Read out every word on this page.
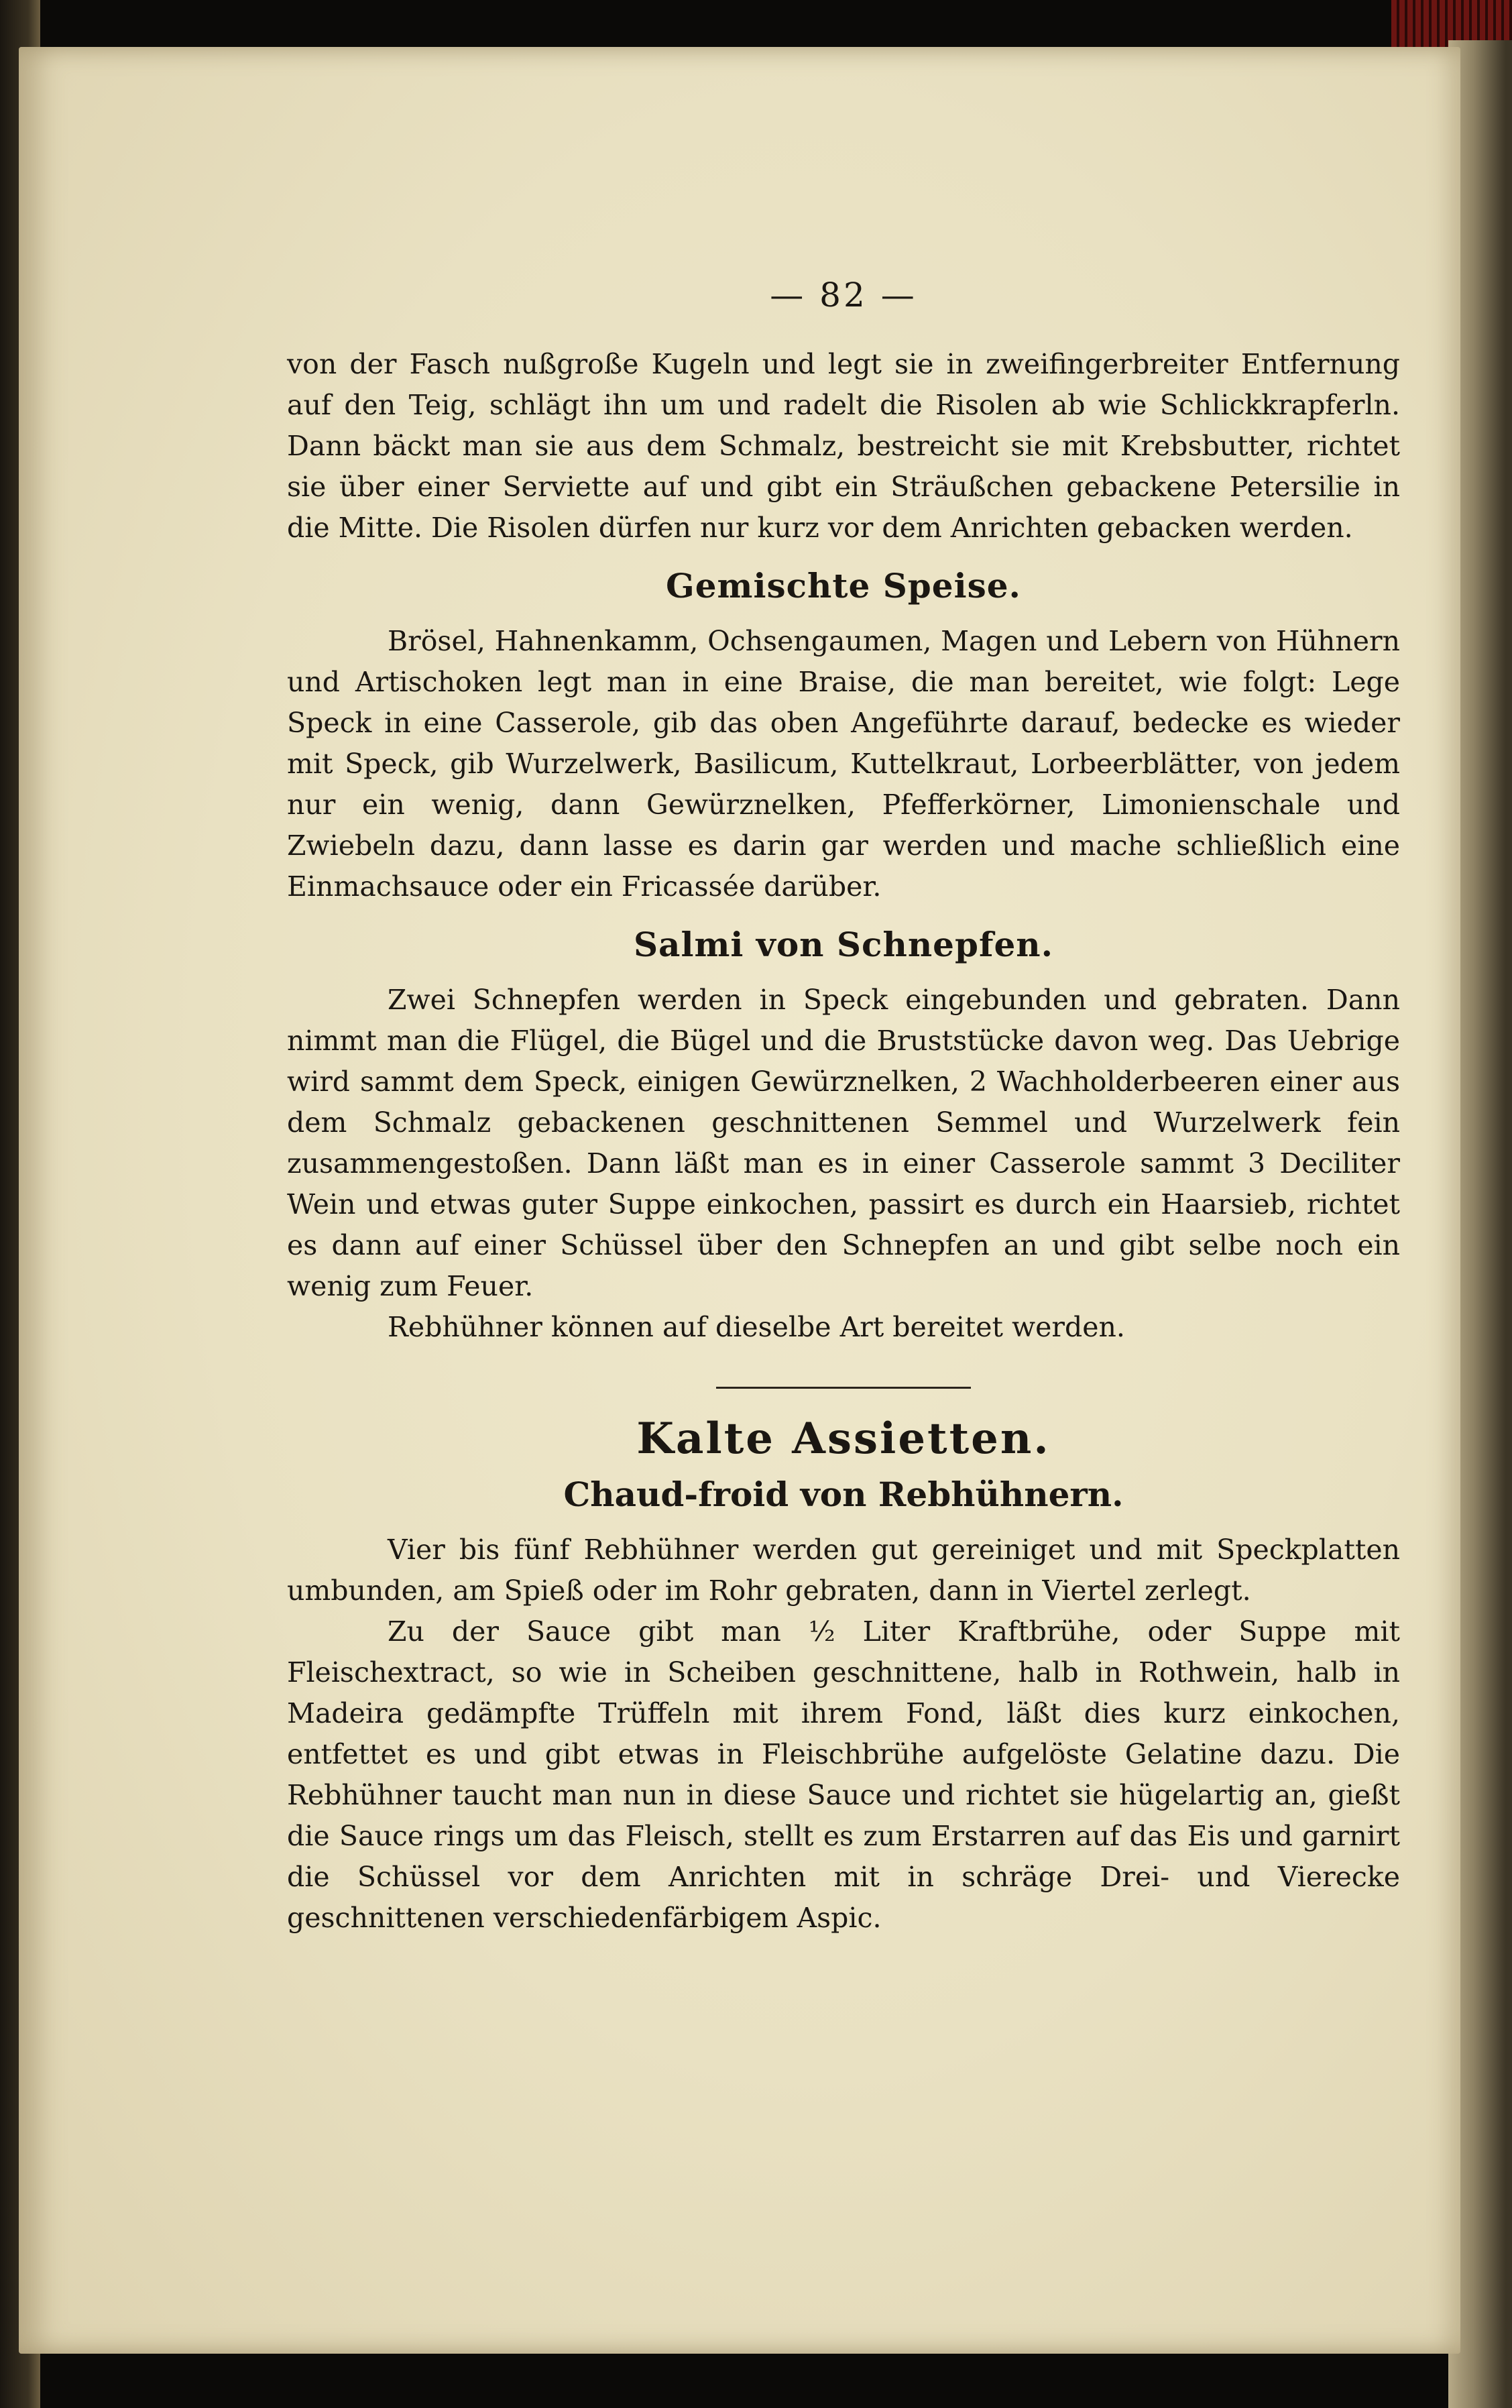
— 82 —

von der Fasch nußgroße Kugeln und legt sie in zweifingerbreiter Entfernung auf den Teig, schlägt ihn um und radelt die Risolen ab wie Schlickkrapferln. Dann bäckt man sie aus dem Schmalz, bestreicht sie mit Krebsbutter, richtet sie über einer Serviette auf und gibt ein Sträußchen gebackene Petersilie in die Mitte. Die Risolen dürfen nur kurz vor dem Anrichten gebacken werden.

Gemischte Speise.

Brösel, Hahnenkamm, Ochsengaumen, Magen und Lebern von Hühnern und Artischoken legt man in eine Braise, die man bereitet, wie folgt: Lege Speck in eine Casserole, gib das oben Angeführte darauf, bedecke es wieder mit Speck, gib Wurzelwerk, Basilicum, Kuttelkraut, Lorbeerblätter, von jedem nur ein wenig, dann Gewürznelken, Pfefferkörner, Limonienschale und Zwiebeln dazu, dann lasse es darin gar werden und mache schließlich eine Einmachsauce oder ein Fricassée darüber.

Salmi von Schnepfen.

Zwei Schnepfen werden in Speck eingebunden und gebraten. Dann nimmt man die Flügel, die Bügel und die Bruststücke davon weg. Das Uebrige wird sammt dem Speck, einigen Gewürznelken, 2 Wachholderbeeren einer aus dem Schmalz gebackenen geschnittenen Semmel und Wurzelwerk fein zusammengestoßen. Dann läßt man es in einer Casserole sammt 3 Deciliter Wein und etwas guter Suppe einkochen, passirt es durch ein Haarsieb, richtet es dann auf einer Schüssel über den Schnepfen an und gibt selbe noch ein wenig zum Feuer.

Rebhühner können auf dieselbe Art bereitet werden.

Kalte Assietten.
Chaud-froid von Rebhühnern.

Vier bis fünf Rebhühner werden gut gereiniget und mit Speckplatten umbunden, am Spieß oder im Rohr gebraten, dann in Viertel zerlegt.

Zu der Sauce gibt man ½ Liter Kraftbrühe, oder Suppe mit Fleischextract, so wie in Scheiben geschnittene, halb in Rothwein, halb in Madeira gedämpfte Trüffeln mit ihrem Fond, läßt dies kurz einkochen, entfettet es und gibt etwas in Fleischbrühe aufgelöste Gelatine dazu. Die Rebhühner taucht man nun in diese Sauce und richtet sie hügelartig an, gießt die Sauce rings um das Fleisch, stellt es zum Erstarren auf das Eis und garnirt die Schüssel vor dem Anrichten mit in schräge Drei- und Vierecke geschnittenen verschiedenfärbigem Aspic.
